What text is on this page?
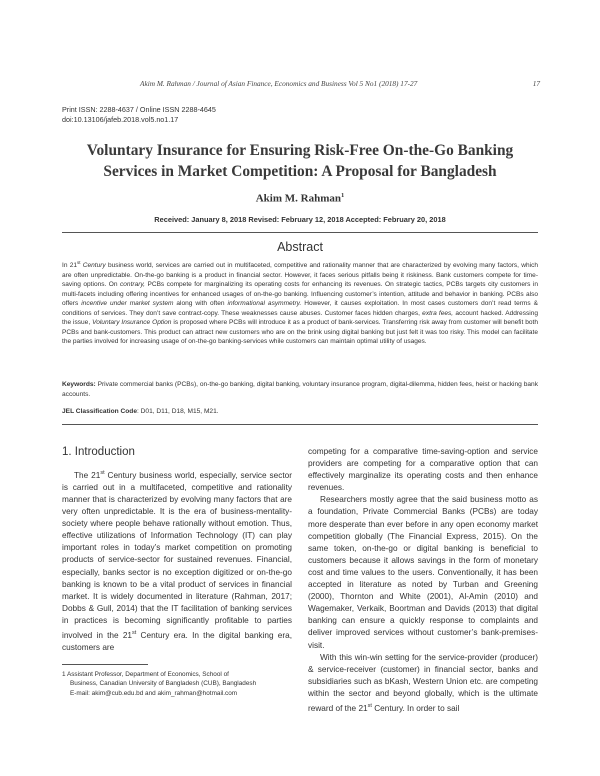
Akim M. Rahman / Journal of Asian Finance, Economics and Business Vol 5 No1 (2018) 17-27	17
Print ISSN: 2288-4637 / Online ISSN 2288-4645
doi:10.13106/jafeb.2018.vol5.no1.17
Voluntary Insurance for Ensuring Risk-Free On-the-Go Banking
Services in Market Competition: A Proposal for Bangladesh
Akim M. Rahman$^1$
Received: January 8, 2018 Revised: February 12, 2018 Accepted: February 20, 2018
Abstract
In 21st Century business world, services are carried out in multifaceted, competitive and rationality manner that are characterized by evolving many factors, which are often unpredictable. On-the-go banking is a product in financial sector. However, it faces serious pitfalls being it riskiness. Bank customers compete for time-saving options. On contrary, PCBs compete for marginalizing its operating costs for enhancing its revenues. On strategic tactics, PCBs targets city customers in multi-facets including offering incentives for enhanced usages of on-the-go banking. Influencing customer’s intention, attitude and behavior in banking. PCBs also offers incentive under market system along with often informational asymmetry. However, it causes exploitation. In most cases customers don’t read terms & conditions of services. They don’t save contract-copy. These weaknesses cause abuses. Customer faces hidden charges, extra fees, account hacked. Addressing the issue, Voluntary Insurance Option is proposed where PCBs will introduce it as a product of bank-services. Transferring risk away from customer will benefit both PCBs and bank-customers. This product can attract new customers who are on the brink using digital banking but just felt it was too risky. This model can facilitate the parties involved for increasing usage of on-the-go banking-services while customers can maintain optimal utility of usages.
Keywords: Private commercial banks (PCBs), on-the-go banking, digital banking, voluntary insurance program, digital-dilemma, hidden fees, heist or hacking bank accounts.
JEL Classification Code: D01, D11, D18, M15, M21.
1. Introduction

The 21st Century business world, especially, service sector is carried out in a multifaceted, competitive and rationality manner that is characterized by evolving many factors that are very often unpredictable. It is the era of business-mentality-society where people behave rationally without emotion. Thus, effective utilizations of Information Technology (IT) can play important roles in today’s market competition on promoting products of service-sector for sustained revenues. Financial, especially, banks sector is no exception digitized or on-the-go banking is known to be a vital product of services in financial market. It is widely documented in literature (Rahman, 2017; Dobbs & Gull, 2014) that the IT facilitation of banking services in practices is becoming significantly profitable to parties involved in the 21st Century era. In the digital banking era, customers are

competing for a comparative time-saving-option and service providers are competing for a comparative option that can effectively marginalize its operating costs and then enhance revenues.

Researchers mostly agree that the said business motto as a foundation, Private Commercial Banks (PCBs) are today more desperate than ever before in any open economy market competition globally (The Financial Express, 2015). On the same token, on-the-go or digital banking is beneficial to customers because it allows savings in the form of monetary cost and time values to the users. Conventionally, it has been accepted in literature as noted by Turban and Greening (2000), Thornton and White (2001), Al-Amin (2010) and Wagemaker, Verkaik, Boortman and Davids (2013) that digital banking can ensure a quickly response to complaints and deliver improved services without customer’s bank-premises-visit.

With this win-win setting for the service-provider (producer) & service-receiver (customer) in financial sector, banks and subsidiaries such as bKash, Western Union etc. are competing within the sector and beyond globally, which is the ultimate reward of the 21st Century. In order to sail

1 Assistant Professor, Department of Economics, School of
Business, Canadian University of Bangladesh (CUB), Bangladesh
E-mail: akim@cub.edu.bd and akim_rahman@hotmail.com
